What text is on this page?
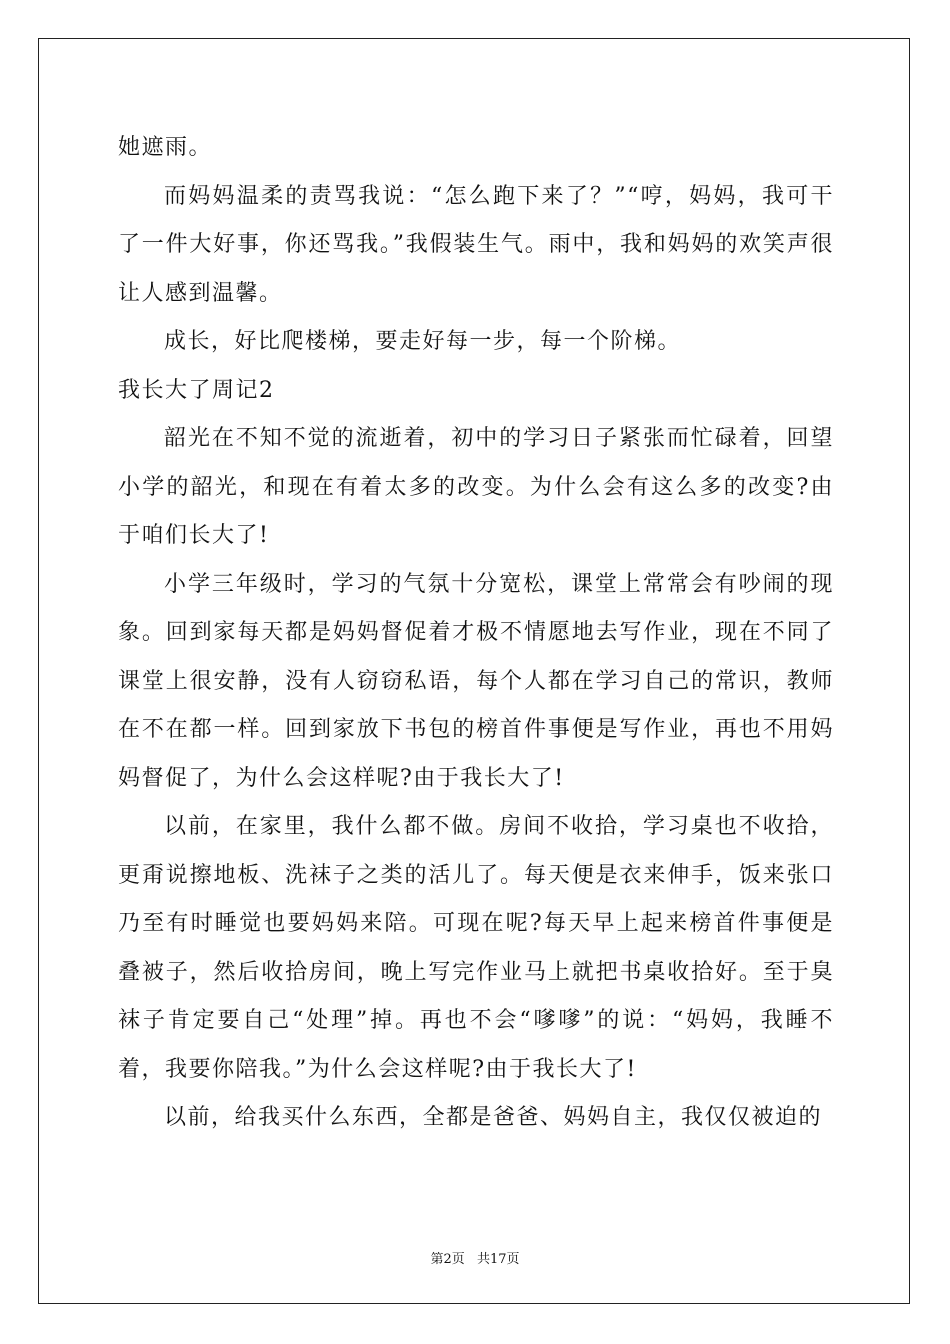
她遮雨。

而妈妈温柔的责骂我说：“怎么跑下来了？”“哼，妈妈，我可干了一件大好事，你还骂我。”我假装生气。雨中，我和妈妈的欢笑声很让人感到温馨。

成长，好比爬楼梯，要走好每一步，每一个阶梯。

我长大了周记2

韶光在不知不觉的流逝着，初中的学习日子紧张而忙碌着，回望小学的韶光，和现在有着太多的改变。为什么会有这么多的改变?由于咱们长大了!

小学三年级时，学习的气氛十分宽松，课堂上常常会有吵闹的现象。回到家每天都是妈妈督促着才极不情愿地去写作业，现在不同了课堂上很安静，没有人窃窃私语，每个人都在学习自己的常识，教师在不在都一样。回到家放下书包的榜首件事便是写作业，再也不用妈妈督促了，为什么会这样呢?由于我长大了!

以前，在家里，我什么都不做。房间不收拾，学习桌也不收拾，更甭说擦地板、洗袜子之类的活儿了。每天便是衣来伸手，饭来张口乃至有时睡觉也要妈妈来陪。可现在呢?每天早上起来榜首件事便是叠被子，然后收拾房间，晚上写完作业马上就把书桌收拾好。至于臭袜子肯定要自己“处理”掉。再也不会“嗲嗲”的说：“妈妈，我睡不着，我要你陪我。”为什么会这样呢?由于我长大了!

以前，给我买什么东西，全都是爸爸、妈妈自主，我仅仅被迫的

第2页 共17页
